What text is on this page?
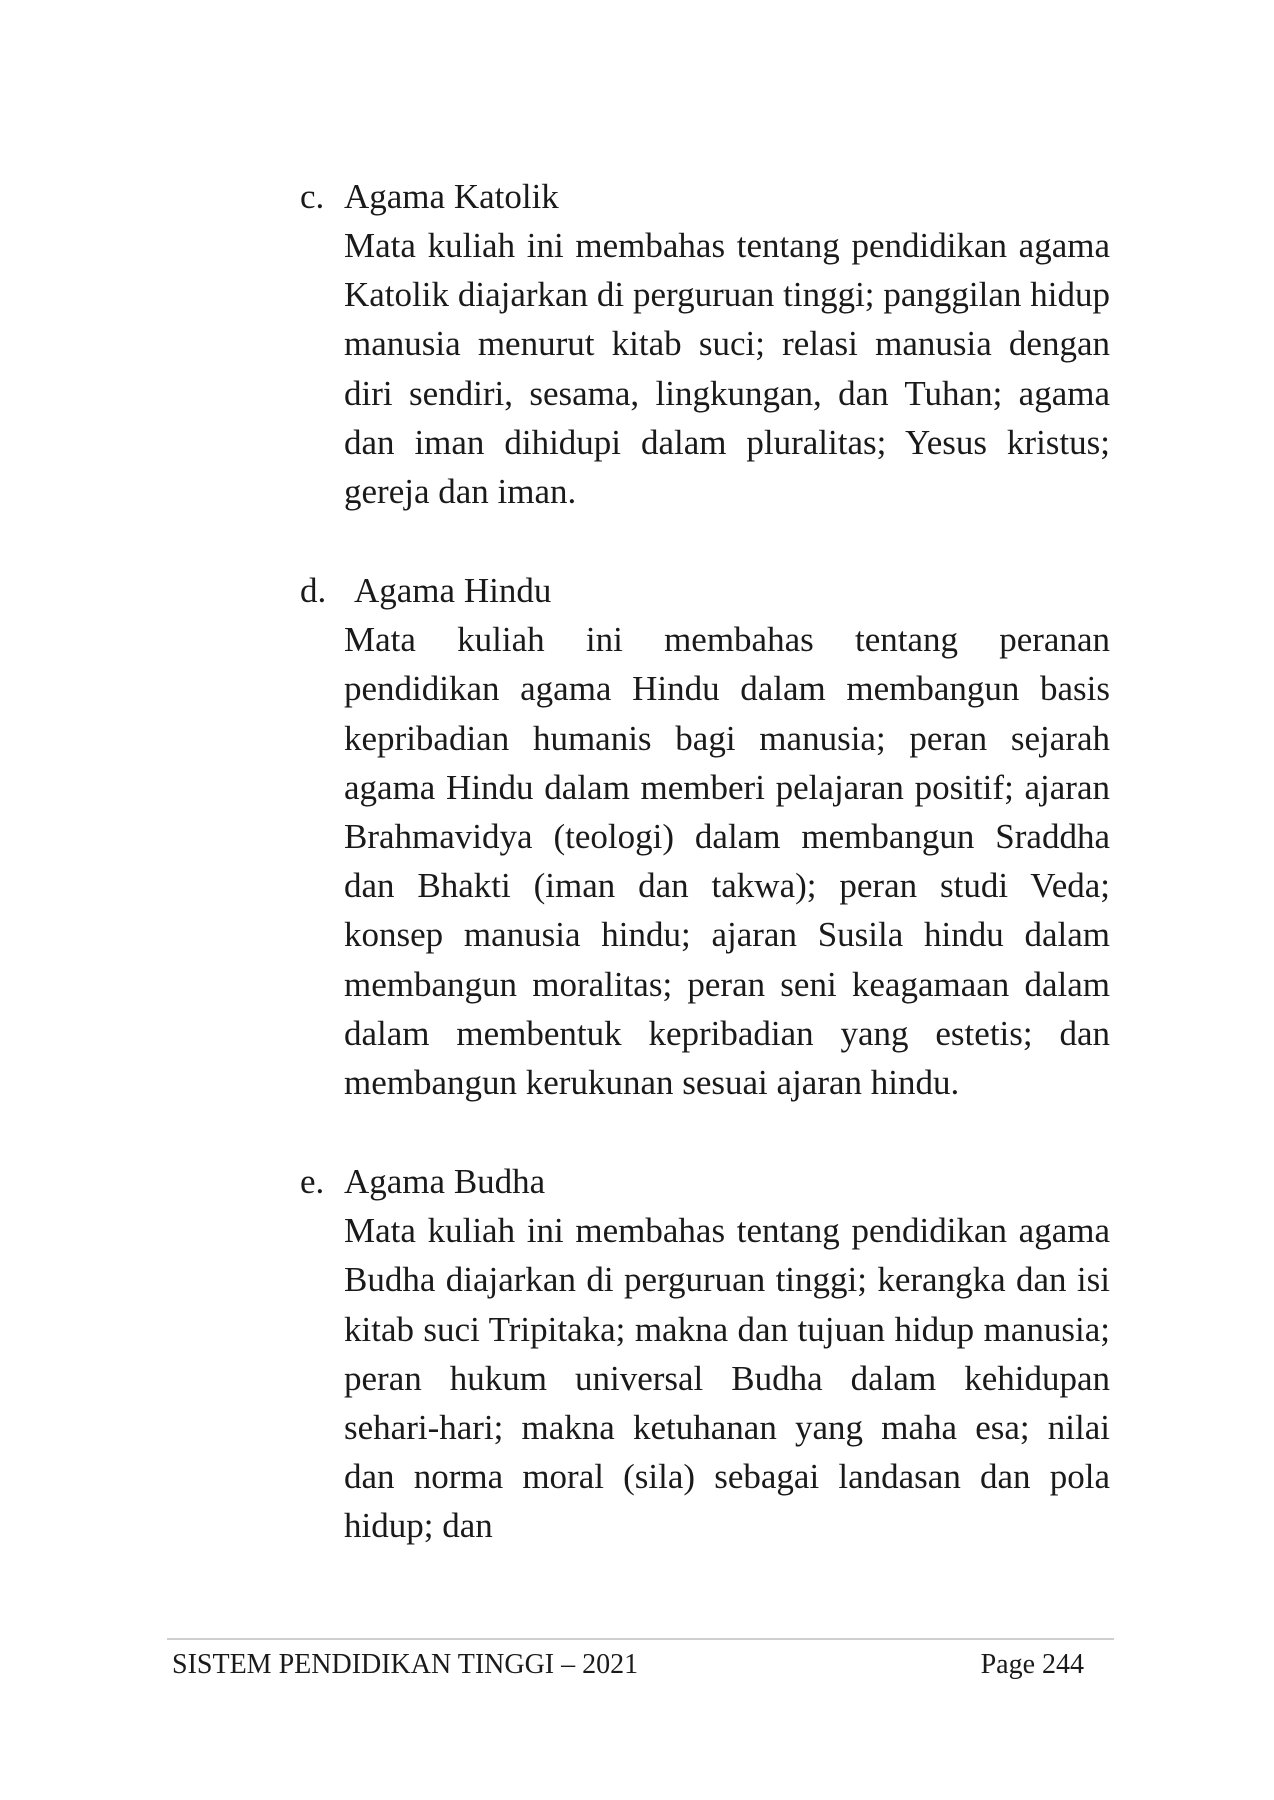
c. Agama Katolik
Mata kuliah ini membahas tentang pendidikan agama Katolik diajarkan di perguruan tinggi; panggilan hidup manusia menurut kitab suci; relasi manusia dengan diri sendiri, sesama, lingkungan, dan Tuhan; agama dan iman dihidupi dalam pluralitas; Yesus kristus; gereja dan iman.
d. Agama Hindu
Mata kuliah ini membahas tentang peranan pendidikan agama Hindu dalam membangun basis kepribadian humanis bagi manusia; peran sejarah agama Hindu dalam memberi pelajaran positif; ajaran Brahmavidya (teologi) dalam membangun Sraddha dan Bhakti (iman dan takwa); peran studi Veda; konsep manusia hindu; ajaran Susila hindu dalam membangun moralitas; peran seni keagamaan dalam dalam membentuk kepribadian yang estetis; dan membangun kerukunan sesuai ajaran hindu.
e. Agama Budha
Mata kuliah ini membahas tentang pendidikan agama Budha diajarkan di perguruan tinggi; kerangka dan isi kitab suci Tripitaka; makna dan tujuan hidup manusia; peran hukum universal Budha dalam kehidupan sehari-hari; makna ketuhanan yang maha esa; nilai dan norma moral (sila) sebagai landasan dan pola hidup; dan
SISTEM PENDIDIKAN TINGGI – 2021	Page 244
